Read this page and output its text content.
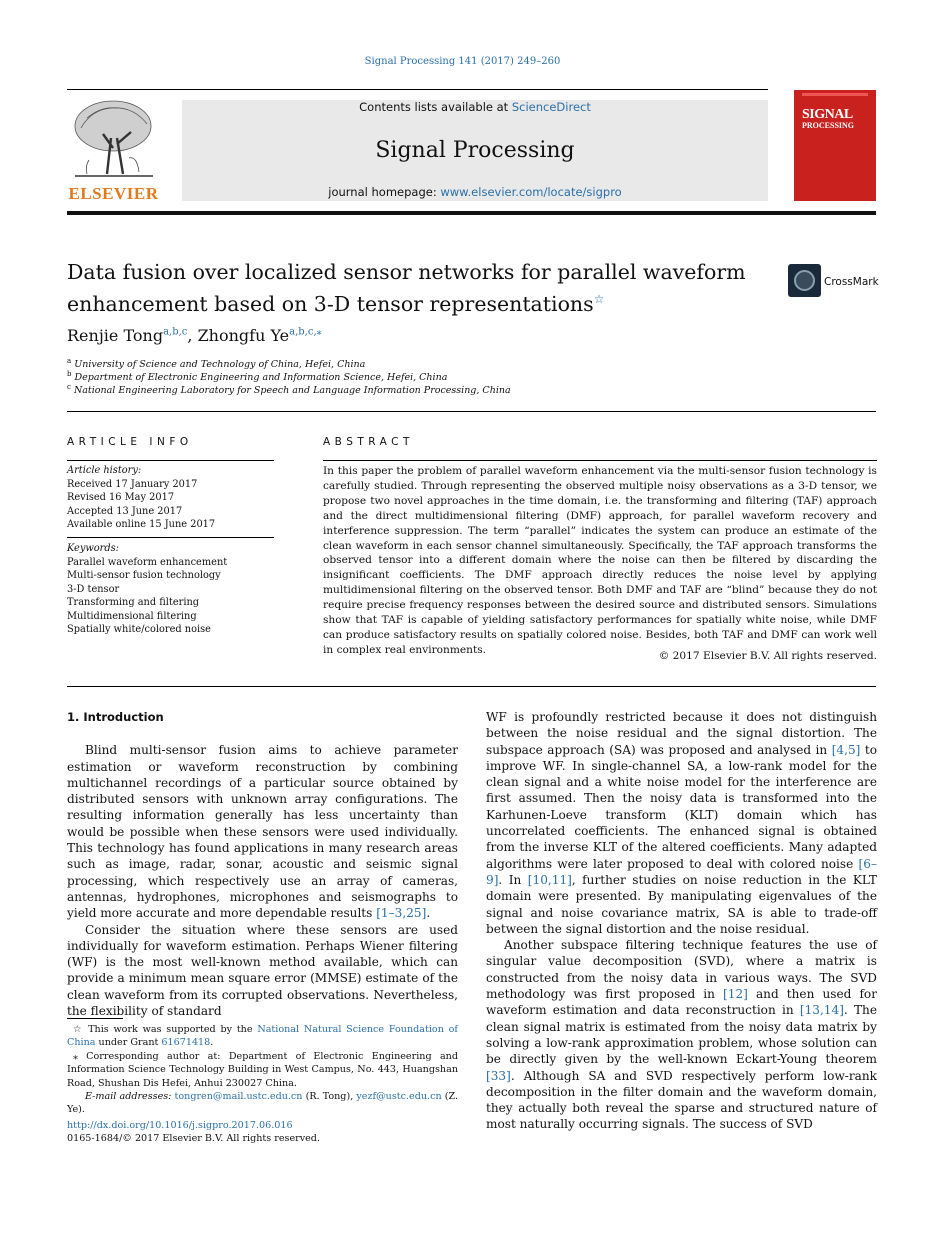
Signal Processing 141 (2017) 249–260
ELSEVIER
Contents lists available at ScienceDirect
Signal Processing
journal homepage: www.elsevier.com/locate/sigpro
SIGNAL
PROCESSING
Data fusion over localized sensor networks for parallel waveform
enhancement based on 3-D tensor representations☆
CrossMark
Renjie Tong$^{a,b,c}$, Zhongfu $Ye^{a,b,c,⁎}$
$^a$ University of Science and Technology of China, Hefei, China
$^b$ Department of Electronic Engineering and Information Science, Hefei, China
$^c$ National Engineering Laboratory for Speech and Language Information Processing, China
ARTICLE INFO
Article history:
Received 17 January 2017
Revised 16 May 2017
Accepted 13 June 2017
Available online 15 June 2017
Keywords:
Parallel waveform enhancement
Multi-sensor fusion technology
3-D tensor
Transforming and filtering
Multidimensional filtering
Spatially white/colored noise
ABSTRACT
In this paper the problem of parallel waveform enhancement via the multi-sensor fusion technology is carefully studied. Through representing the observed multiple noisy observations as a 3-D tensor, we propose two novel approaches in the time domain, i.e. the transforming and filtering (TAF) approach and the direct multidimensional filtering (DMF) approach, for parallel waveform recovery and interference suppression. The term “parallel” indicates the system can produce an estimate of the clean waveform in each sensor channel simultaneously. Specifically, the TAF approach transforms the observed tensor into a different domain where the noise can then be filtered by discarding the insignificant coefficients. The DMF approach directly reduces the noise level by applying multidimensional filtering on the observed tensor. Both DMF and TAF are “blind” because they do not require precise frequency responses between the desired source and distributed sensors. Simulations show that TAF is capable of yielding satisfactory performances for spatially white noise, while DMF can produce satisfactory results on spatially colored noise. Besides, both TAF and DMF can work well in complex real environments.
© 2017 Elsevier B.V. All rights reserved.

1. Introduction

Blind multi-sensor fusion aims to achieve parameter estimation or waveform reconstruction by combining multichannel recordings of a particular source obtained by distributed sensors with unknown array configurations. The resulting information generally has less uncertainty than would be possible when these sensors were used individually. This technology has found applications in many research areas such as image, radar, sonar, acoustic and seismic signal processing, which respectively use an array of cameras, antennas, hydrophones, microphones and seismographs to yield more accurate and more dependable results [1–3,25].

Consider the situation where these sensors are used individually for waveform estimation. Perhaps Wiener filtering (WF) is the most well-known method available, which can provide a minimum mean square error (MMSE) estimate of the clean waveform from its corrupted observations. Nevertheless, the flexibility of standard

☆ This work was supported by the National Natural Science Foundation of China under Grant 61671418.

⁎ Corresponding author at: Department of Electronic Engineering and Information Science Technology Building in West Campus, No. 443, Huangshan Road, Shushan Dis Hefei, Anhui 230027 China.

E-mail addresses: tongren@mail.ustc.edu.cn (R. Tong), yezf@ustc.edu.cn (Z. Ye).

http://dx.doi.org/10.1016/j.sigpro.2017.06.016
0165-1684/© 2017 Elsevier B.V. All rights reserved.

WF is profoundly restricted because it does not distinguish between the noise residual and the signal distortion. The subspace approach (SA) was proposed and analysed in [4,5] to improve WF. In single-channel SA, a low-rank model for the clean signal and a white noise model for the interference are first assumed. Then the noisy data is transformed into the Karhunen-Loeve transform (KLT) domain which has uncorrelated coefficients. The enhanced signal is obtained from the inverse KLT of the altered coefficients. Many adapted algorithms were later proposed to deal with colored noise [6–9]. In [10,11], further studies on noise reduction in the KLT domain were presented. By manipulating eigenvalues of the signal and noise covariance matrix, SA is able to trade-off between the signal distortion and the noise residual.

Another subspace filtering technique features the use of singular value decomposition (SVD), where a matrix is constructed from the noisy data in various ways. The SVD methodology was first proposed in [12] and then used for waveform estimation and data reconstruction in [13,14]. The clean signal matrix is estimated from the noisy data matrix by solving a low-rank approximation problem, whose solution can be directly given by the well-known Eckart-Young theorem [33]. Although SA and SVD respectively perform low-rank decomposition in the filter domain and the waveform domain, they actually both reveal the sparse and structured nature of most naturally occurring signals. The success of SVD
